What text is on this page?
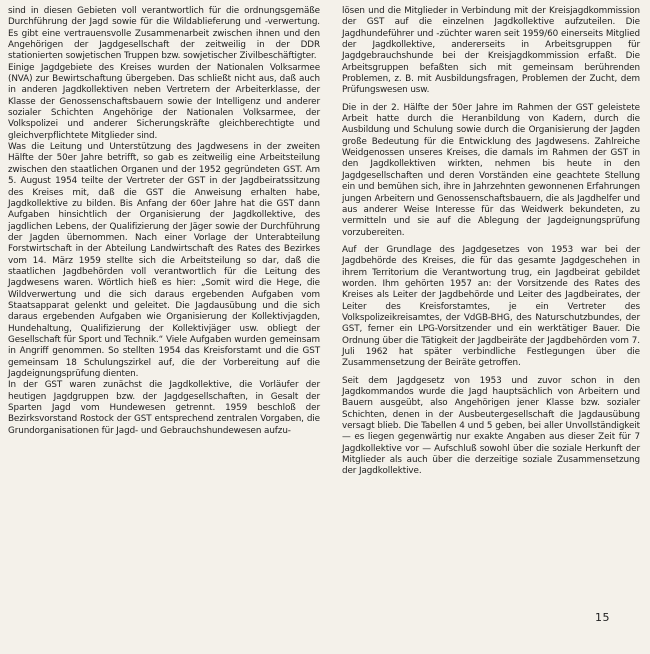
sind in diesen Gebieten voll verantwortlich für die ordnungsgemäße Durchführung der Jagd sowie für die Wildablieferung und -verwertung. Es gibt eine vertrauensvolle Zusammenarbeit zwischen ihnen und den Angehörigen der Jagdgesellschaft der zeitweilig in der DDR stationierten sowjetischen Truppen bzw. sowjetischer Zivilbeschäftigter.

Einige Jagdgebiete des Kreises wurden der Nationalen Volksarmee (NVA) zur Bewirtschaftung übergeben. Das schließt nicht aus, daß auch in anderen Jagdkollektiven neben Vertretern der Arbeiterklasse, der Klasse der Genossenschaftsbauern sowie der Intelligenz und anderer sozialer Schichten Angehörige der Nationalen Volksarmee, der Volkspolizei und anderer Sicherungskräfte gleichberechtigte und gleichverpflichtete Mitglieder sind.

Was die Leitung und Unterstützung des Jagdwesens in der zweiten Hälfte der 50er Jahre betrifft, so gab es zeitweilig eine Arbeitsteilung zwischen den staatlichen Organen und der 1952 gegründeten GST. Am 5. August 1954 teilte der Vertreter der GST in der Jagdbeiratssitzung des Kreises mit, daß die GST die Anweisung erhalten habe, Jagdkollektive zu bilden. Bis Anfang der 60er Jahre hat die GST dann Aufgaben hinsichtlich der Organisierung der Jagdkollektive, des jagdlichen Lebens, der Qualifizierung der Jäger sowie der Durchführung der Jagden übernommen. Nach einer Vorlage der Unterabteilung Forstwirtschaft in der Abteilung Landwirtschaft des Rates des Bezirkes vom 14. März 1959 stellte sich die Arbeitsteilung so dar, daß die staatlichen Jagdbehörden voll verantwortlich für die Leitung des Jagdwesens waren. Wörtlich hieß es hier: „Somit wird die Hege, die Wildverwertung und die sich daraus ergebenden Aufgaben vom Staatsapparat gelenkt und geleitet. Die Jagdausübung und die sich daraus ergebenden Aufgaben wie Organisierung der Kollektivjagden, Hundehaltung, Qualifizierung der Kollektivjäger usw. obliegt der Gesellschaft für Sport und Technik.“ Viele Aufgaben wurden gemeinsam in Angriff genommen. So stellten 1954 das Kreisforstamt und die GST gemeinsam 18 Schulungszirkel auf, die der Vorbereitung auf die Jagdeignungsprüfung dienten.

In der GST waren zunächst die Jagdkollektive, die Vorläufer der heutigen Jagdgruppen bzw. der Jagdgesellschaften, in Gesalt der Sparten Jagd vom Hundewesen getrennt. 1959 beschloß der Bezirksvorstand Rostock der GST entsprechend zentralen Vorgaben, die Grundorganisationen für Jagd- und Gebrauchshundewesen aufzu-

lösen und die Mitglieder in Verbindung mit der Kreisjagdkommission der GST auf die einzelnen Jagdkollektive aufzuteilen. Die Jagdhundeführer und -züchter waren seit 1959/60 einerseits Mitglied der Jagdkollektive, andererseits in Arbeitsgruppen für Jagdgebrauchshunde bei der Kreisjagdkommission erfaßt. Die Arbeitsgruppen befaßten sich mit gemeinsam berührenden Problemen, z. B. mit Ausbildungsfragen, Problemen der Zucht, dem Prüfungswesen usw.

Die in der 2. Hälfte der 50er Jahre im Rahmen der GST geleistete Arbeit hatte durch die Heranbildung von Kadern, durch die Ausbildung und Schulung sowie durch die Organisierung der Jagden große Bedeutung für die Entwicklung des Jagdwesens. Zahlreiche Weidgenossen unseres Kreises, die damals im Rahmen der GST in den Jagdkollektiven wirkten, nehmen bis heute in den Jagdgesellschaften und deren Vorständen eine geachtete Stellung ein und bemühen sich, ihre in Jahrzehnten gewonnenen Erfahrungen jungen Arbeitern und Genossenschaftsbauern, die als Jagdhelfer und aus anderer Weise Interesse für das Weidwerk bekundeten, zu vermitteln und sie auf die Ablegung der Jagdeignungsprüfung vorzubereiten.

Auf der Grundlage des Jagdgesetzes von 1953 war bei der Jagdbehörde des Kreises, die für das gesamte Jagdgeschehen in ihrem Territorium die Verantwortung trug, ein Jagdbeirat gebildet worden. Ihm gehörten 1957 an: der Vorsitzende des Rates des Kreises als Leiter der Jagdbehörde und Leiter des Jagdbeirates, der Leiter des Kreisforstamtes, je ein Vertreter des Volkspolizeikreisamtes, der VdGB-BHG, des Naturschutzbundes, der GST, ferner ein LPG-Vorsitzender und ein werktätiger Bauer. Die Ordnung über die Tätigkeit der Jagdbeiräte der Jagdbehörden vom 7. Juli 1962 hat später verbindliche Festlegungen über die Zusammensetzung der Beiräte getroffen.

Seit dem Jagdgesetz von 1953 und zuvor schon in den Jagdkommandos wurde die Jagd hauptsächlich von Arbeitern und Bauern ausgeübt, also Angehörigen jener Klasse bzw. sozialer Schichten, denen in der Ausbeutergesellschaft die Jagdausübung versagt blieb. Die Tabellen 4 und 5 geben, bei aller Unvollständigkeit — es liegen gegenwärtig nur exakte Angaben aus dieser Zeit für 7 Jagdkollektive vor — Aufschluß sowohl über die soziale Herkunft der Mitglieder als auch über die derzeitige soziale Zusammensetzung der Jagdkollektive.

15
